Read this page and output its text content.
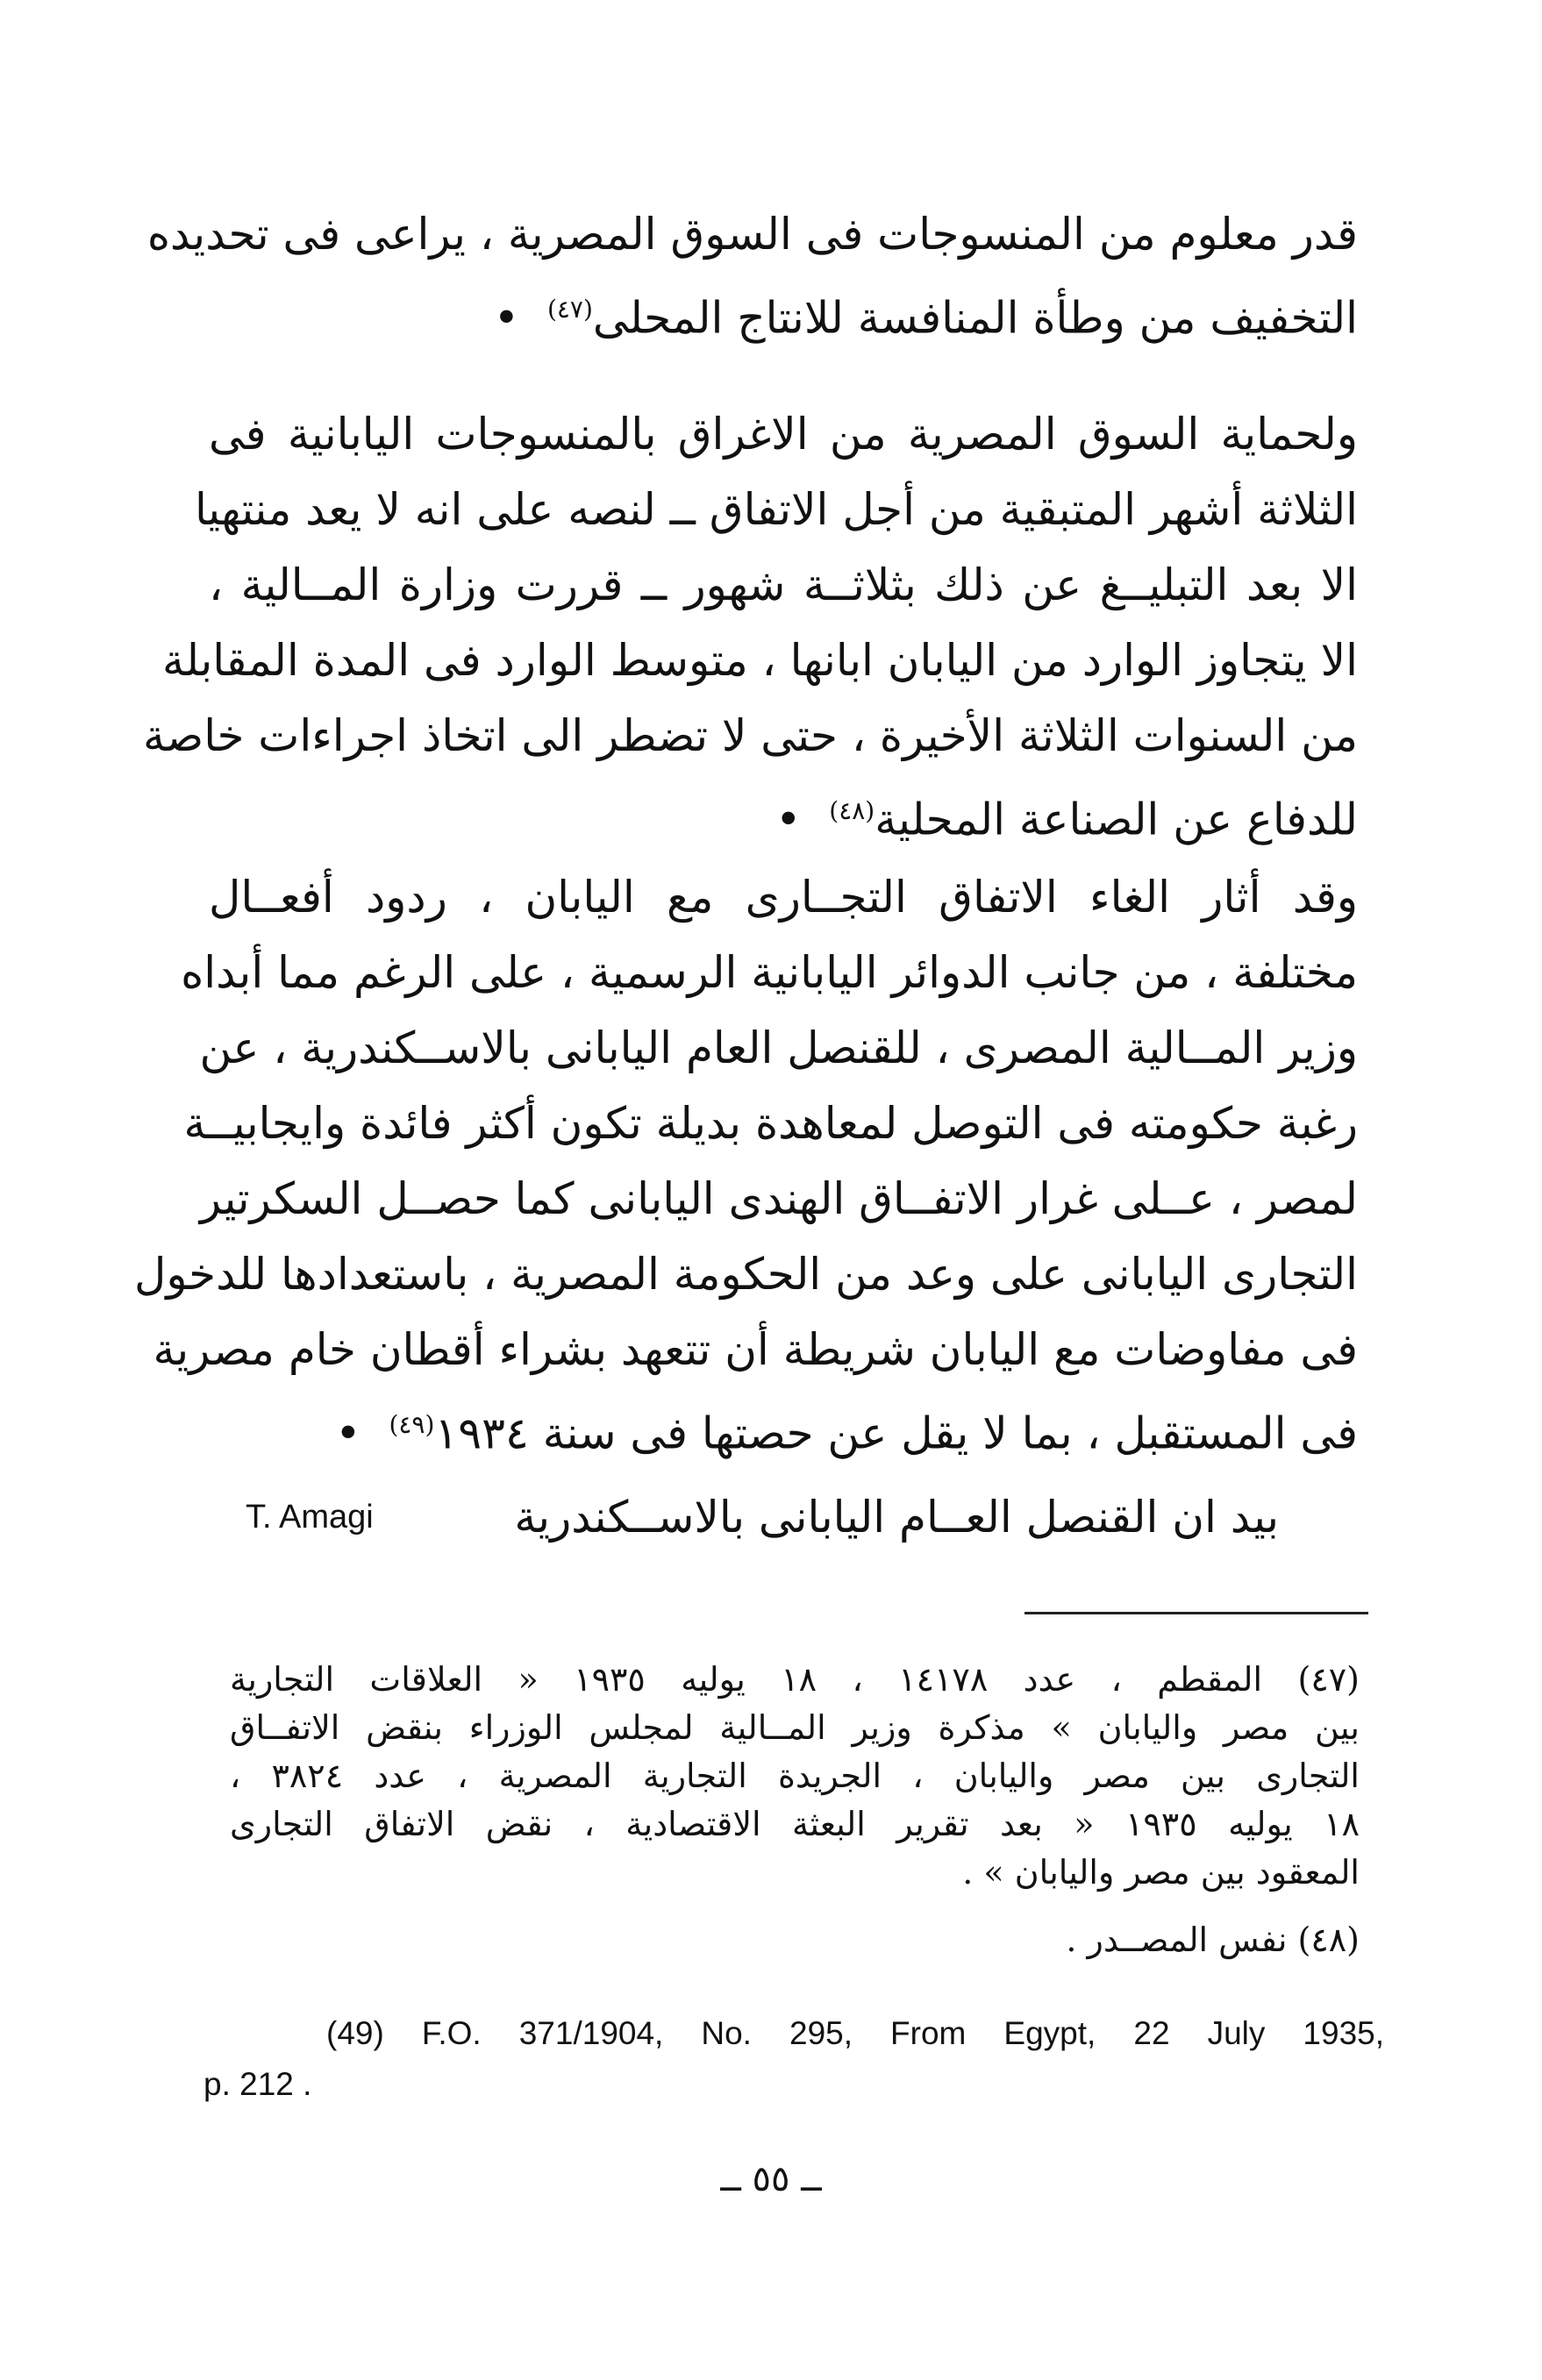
قدر معلوم من المنسوجات فى السوق المصرية ، يراعى فى تحديده
التخفيف من وطأة المنافسة للانتاج المحلى$^{(٤٧)}$  •
ولحماية السوق المصرية من الاغراق بالمنسوجات اليابانية فى
الثلاثة أشهر المتبقية من أجل الاتفاق ــ لنصه على انه لا يعد منتهيا
الا بعد التبليــغ عن ذلك بثلاثــة شهور ــ قررت وزارة المــالية ،
الا يتجاوز الوارد من اليابان ابانها ، متوسط الوارد فى المدة المقابلة
من السنوات الثلاثة الأخيرة ، حتى لا تضطر الى اتخاذ اجراءات خاصة
للدفاع عن الصناعة المحلية$^{(٤٨)}$  •
وقد أثار الغاء الاتفاق التجــارى مع اليابان ، ردود أفعــال
مختلفة ، من جانب الدوائر اليابانية الرسمية ، على الرغم مما أبداه
وزير المــالية المصرى ، للقنصل العام اليابانى بالاســكندرية ، عن
رغبة حكومته فى التوصل لمعاهدة بديلة تكون أكثر فائدة وايجابيــة
لمصر ، عــلى غرار الاتفــاق الهندى اليابانى كما حصــل السكرتير
التجارى اليابانى على وعد من الحكومة المصرية ، باستعدادها للدخول
فى مفاوضات مع اليابان شريطة أن تتعهد بشراء أقطان خام مصرية
فى المستقبل ، بما لا يقل عن حصتها فى سنة ١٩٣٤$^{(٤٩)}$  •
بيد ان القنصل العــام اليابانى بالاســكندرية
T. Amagi
(٤٧) المقطم ، عدد ١٤١٧٨ ، ١٨ يوليه ١٩٣٥ « العلاقات التجارية
بين مصر واليابان » مذكرة وزير المــالية لمجلس الوزراء بنقض الاتفــاق
التجارى بين مصر واليابان ، الجريدة التجارية المصرية ، عدد ٣٨٢٤ ،
١٨ يوليه ١٩٣٥ « بعد تقرير البعثة الاقتصادية ، نقض الاتفاق التجارى
المعقود بين مصر واليابان » .
(٤٨) نفس المصــدر .
(49) F.O. 371/1904, No. 295, From Egypt, 22 July 1935,
p. 212 .
ــ ٥٥ ــ
